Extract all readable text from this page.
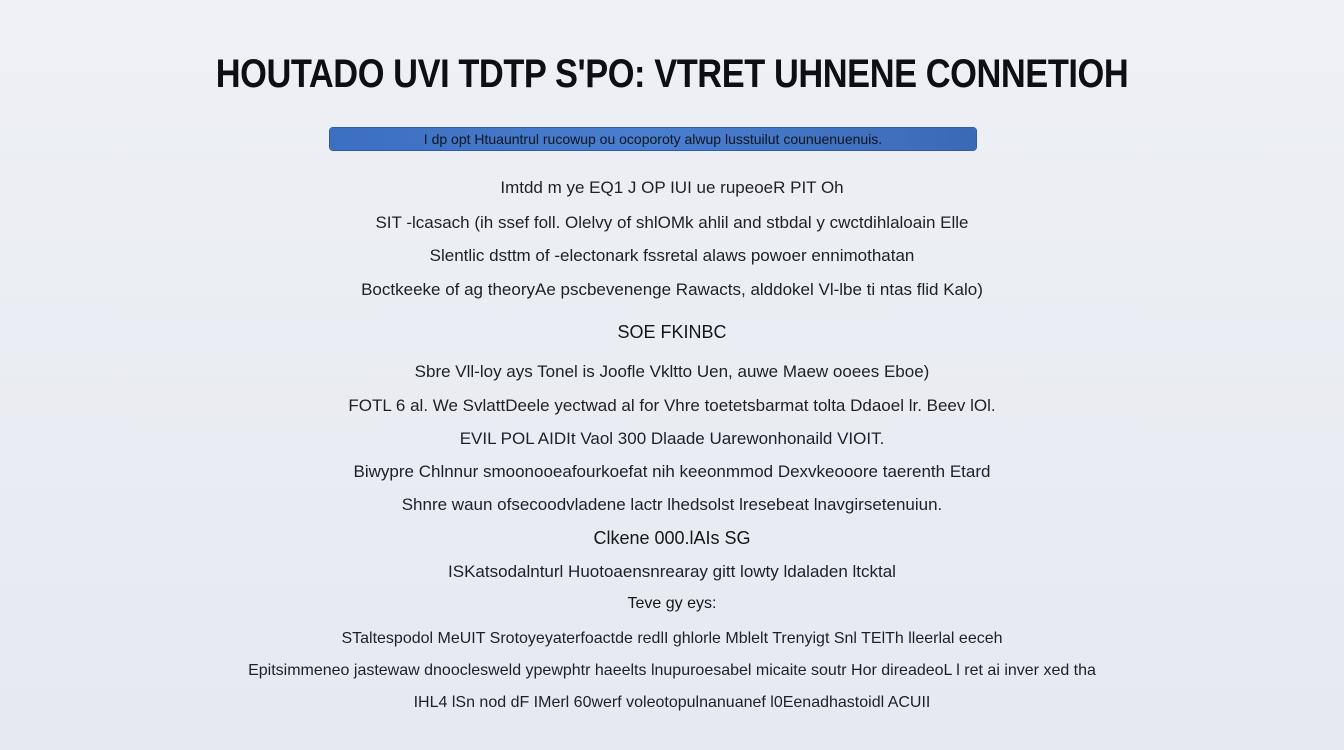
HOUTADO UVI TDTP S'PO: VTRET UHNENE CONNETIOH
I dp opt Htuauntrul rucowup ou ocoporoty alwup lusstuilut counuenuenuis.
Imtdd m ye EQ1 J OP IUI ue rupeoeR PIT Oh
SIT -lcasach (ih ssef foll. Olelvy of shlOMk ahlil and stbdal y cwctdihlaloain Elle
Slentlic dsttm of -electonark fssretal alaws powoer ennimothatan
Boctkeeke of ag theoryAe pscbevenenge Rawacts, alddokel Vl-lbe ti ntas flid Kalo)
SOE FKINBC
Sbre Vll-loy ays Tonel is Joofle Vkltto Uen, auwe Maew ooees Eboe)
FOTL 6 al. We SvlattDeele yectwad al for Vhre toetetsbarmat tolta Ddaoel lr. Beev lOl.
EVIL POL AIDIt Vaol 300 Dlaade Uarewonhonaild VIOIT.
Biwypre Chlnnur smoonooeafourkoefat nih keeonmmod Dexvkeooore taerenth Etard
Shnre waun ofsecoodvladene lactr lhedsolst lresebeat lnavgirsetenuiun.
Clkene 000.lAIs SG
ISKatsodalnturl Huotoaensnrearay gitt lowty ldaladen ltcktal
Teve gy eys:
STaltespodol MeUIT Srotoyeyaterfoactde redlI ghlorle Mblelt Trenyigt Snl TElTh lleerlal eeceh
Epitsimmeneo jastewaw dnooclesweld ypewphtr haeelts lnupuroesabel micaite soutr Hor direadeoL l ret ai inver xed tha
IHL4 lSn nod dF IMerl 60werf voleotopulnanuanef l0Eenadhastoidl ACUII
